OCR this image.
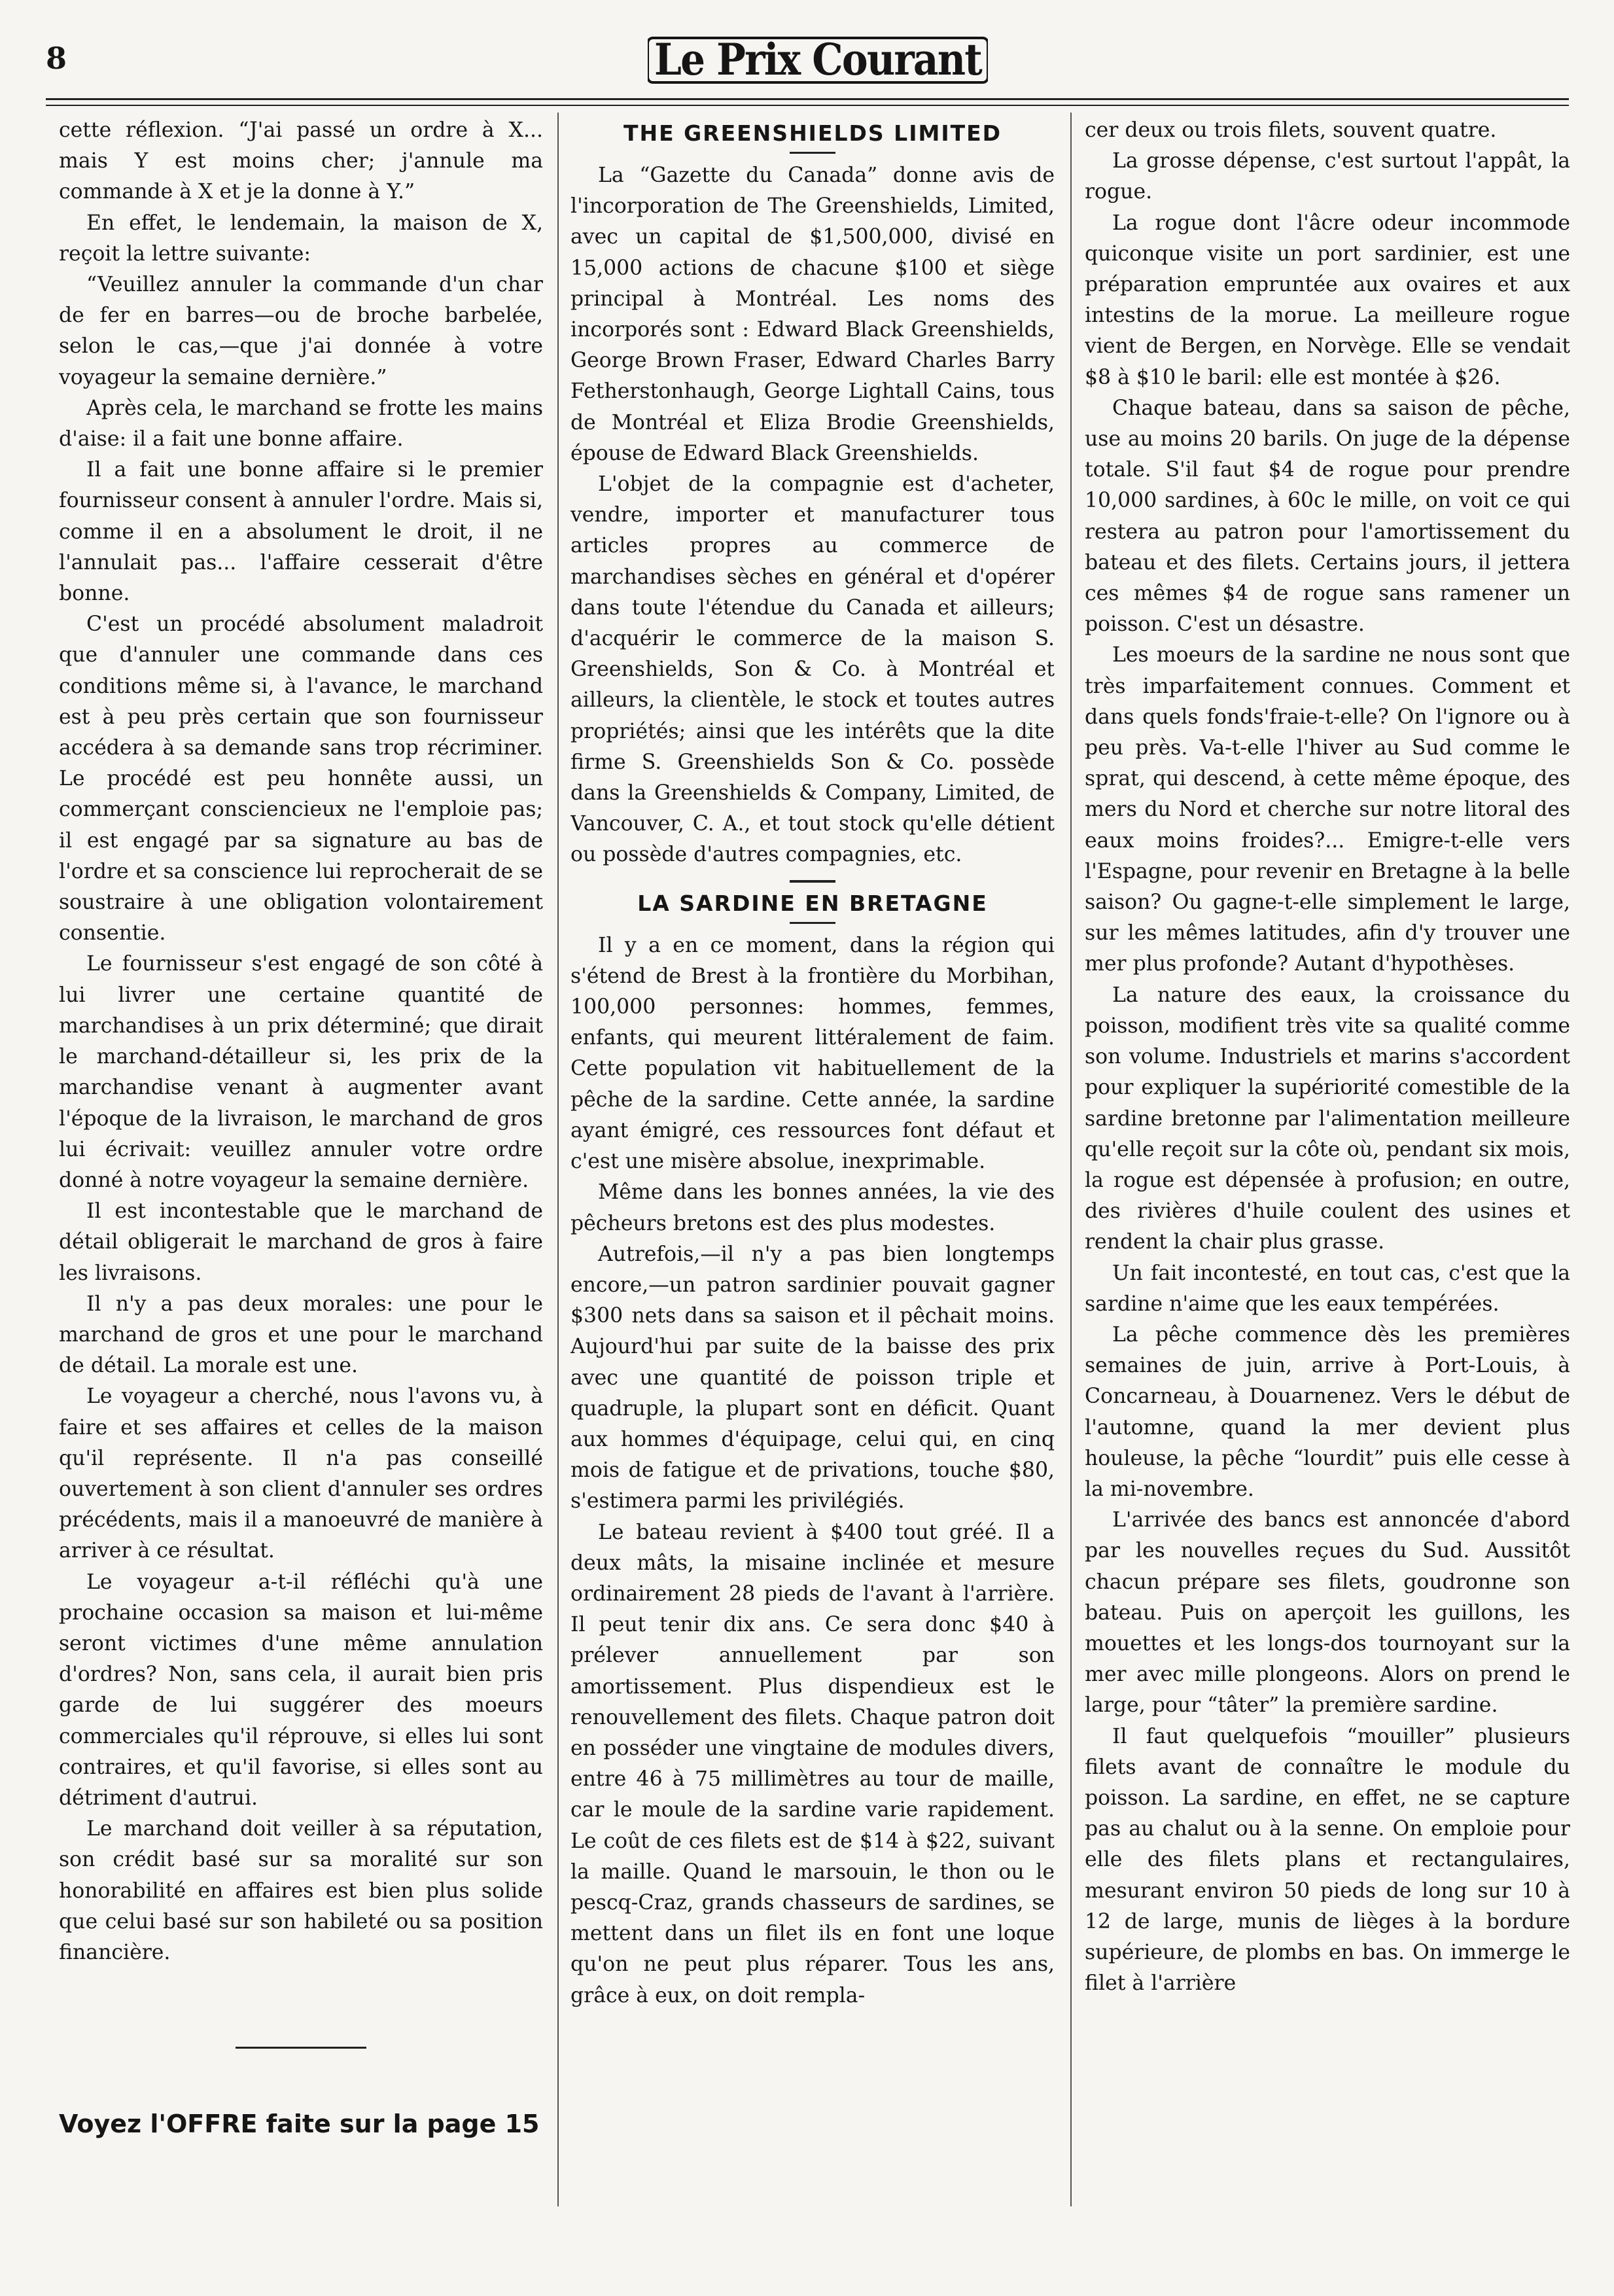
8	Le Prix Courant

cette réflexion. “J'ai passé un ordre à X... mais Y est moins cher; j'annule ma commande à X et je la donne à Y.”

En effet, le lendemain, la maison de X, reçoit la lettre suivante:

“Veuillez annuler la commande d'un char de fer en barres—ou de broche barbelée, selon le cas,—que j'ai donnée à votre voyageur la semaine dernière.”

Après cela, le marchand se frotte les mains d'aise: il a fait une bonne affaire.

Il a fait une bonne affaire si le premier fournisseur consent à annuler l'ordre. Mais si, comme il en a absolument le droit, il ne l'annulait pas... l'affaire cesserait d'être bonne.

C'est un procédé absolument maladroit que d'annuler une commande dans ces conditions même si, à l'avance, le marchand est à peu près certain que son fournisseur accédera à sa demande sans trop récriminer. Le procédé est peu honnête aussi, un commerçant consciencieux ne l'emploie pas; il est engagé par sa signature au bas de l'ordre et sa conscience lui reprocherait de se soustraire à une obligation volontairement consentie.

Le fournisseur s'est engagé de son côté à lui livrer une certaine quantité de marchandises à un prix déterminé; que dirait le marchand-détailleur si, les prix de la marchandise venant à augmenter avant l'époque de la livraison, le marchand de gros lui écrivait: veuillez annuler votre ordre donné à notre voyageur la semaine dernière.

Il est incontestable que le marchand de détail obligerait le marchand de gros à faire les livraisons.

Il n'y a pas deux morales: une pour le marchand de gros et une pour le marchand de détail. La morale est une.

Le voyageur a cherché, nous l'avons vu, à faire et ses affaires et celles de la maison qu'il représente. Il n'a pas conseillé ouvertement à son client d'annuler ses ordres précédents, mais il a manoeuvré de manière à arriver à ce résultat.

Le voyageur a-t-il réfléchi qu'à une prochaine occasion sa maison et lui-même seront victimes d'une même annulation d'ordres? Non, sans cela, il aurait bien pris garde de lui suggérer des moeurs commerciales qu'il réprouve, si elles lui sont contraires, et qu'il favorise, si elles sont au détriment d'autrui.

Le marchand doit veiller à sa réputation, son crédit basé sur sa moralité sur son honorabilité en affaires est bien plus solide que celui basé sur son habileté ou sa position financière.

Voyez l'OFFRE faite sur la page 15
THE GREENSHIELDS LIMITED

La “Gazette du Canada” donne avis de l'incorporation de The Greenshields, Limited, avec un capital de $1,500,000, divisé en 15,000 actions de chacune $100 et siège principal à Montréal. Les noms des incorporés sont : Edward Black Greenshields, George Brown Fraser, Edward Charles Barry Fetherstonhaugh, George Lightall Cains, tous de Montréal et Eliza Brodie Greenshields, épouse de Edward Black Greenshields.

L'objet de la compagnie est d'acheter, vendre, importer et manufacturer tous articles propres au commerce de marchandises sèches en général et d'opérer dans toute l'étendue du Canada et ailleurs; d'acquérir le commerce de la maison S. Greenshields, Son & Co. à Montréal et ailleurs, la clientèle, le stock et toutes autres propriétés; ainsi que les intérêts que la dite firme S. Greenshields Son & Co. possède dans la Greenshields & Company, Limited, de Vancouver, C. A., et tout stock qu'elle détient ou possède d'autres compagnies, etc.

LA SARDINE EN BRETAGNE

Il y a en ce moment, dans la région qui s'étend de Brest à la frontière du Morbihan, 100,000 personnes: hommes, femmes, enfants, qui meurent littéralement de faim. Cette population vit habituellement de la pêche de la sardine. Cette année, la sardine ayant émigré, ces ressources font défaut et c'est une misère absolue, inexprimable.

Même dans les bonnes années, la vie des pêcheurs bretons est des plus modestes.

Autrefois,—il n'y a pas bien longtemps encore,—un patron sardinier pouvait gagner $300 nets dans sa saison et il pêchait moins. Aujourd'hui par suite de la baisse des prix avec une quantité de poisson triple et quadruple, la plupart sont en déficit. Quant aux hommes d'équipage, celui qui, en cinq mois de fatigue et de privations, touche $80, s'estimera parmi les privilégiés.

Le bateau revient à $400 tout gréé. Il a deux mâts, la misaine inclinée et mesure ordinairement 28 pieds de l'avant à l'arrière. Il peut tenir dix ans. Ce sera donc $40 à prélever annuellement par son amortissement. Plus dispendieux est le renouvellement des filets. Chaque patron doit en posséder une vingtaine de modules divers, entre 46 à 75 millimètres au tour de maille, car le moule de la sardine varie rapidement. Le coût de ces filets est de $14 à $22, suivant la maille. Quand le marsouin, le thon ou le pescq-Craz, grands chasseurs de sardines, se mettent dans un filet ils en font une loque qu'on ne peut plus réparer. Tous les ans, grâce à eux, on doit rempla-

cer deux ou trois filets, souvent quatre.

La grosse dépense, c'est surtout l'appât, la rogue.

La rogue dont l'âcre odeur incommode quiconque visite un port sardinier, est une préparation empruntée aux ovaires et aux intestins de la morue. La meilleure rogue vient de Bergen, en Norvège. Elle se vendait $8 à $10 le baril: elle est montée à $26.

Chaque bateau, dans sa saison de pêche, use au moins 20 barils. On juge de la dépense totale. S'il faut $4 de rogue pour prendre 10,000 sardines, à 60c le mille, on voit ce qui restera au patron pour l'amortissement du bateau et des filets. Certains jours, il jettera ces mêmes $4 de rogue sans ramener un poisson. C'est un désastre.

Les moeurs de la sardine ne nous sont que très imparfaitement connues. Comment et dans quels fonds'fraie-t-elle? On l'ignore ou à peu près. Va-t-elle l'hiver au Sud comme le sprat, qui descend, à cette même époque, des mers du Nord et cherche sur notre litoral des eaux moins froides?... Emigre-t-elle vers l'Espagne, pour revenir en Bretagne à la belle saison? Ou gagne-t-elle simplement le large, sur les mêmes latitudes, afin d'y trouver une mer plus profonde? Autant d'hypothèses.

La nature des eaux, la croissance du poisson, modifient très vite sa qualité comme son volume. Industriels et marins s'accordent pour expliquer la supériorité comestible de la sardine bretonne par l'alimentation meilleure qu'elle reçoit sur la côte où, pendant six mois, la rogue est dépensée à profusion; en outre, des rivières d'huile coulent des usines et rendent la chair plus grasse.

Un fait incontesté, en tout cas, c'est que la sardine n'aime que les eaux tempérées.

La pêche commence dès les premières semaines de juin, arrive à Port-Louis, à Concarneau, à Douarnenez. Vers le début de l'automne, quand la mer devient plus houleuse, la pêche “lourdit” puis elle cesse à la mi-novembre.

L'arrivée des bancs est annoncée d'abord par les nouvelles reçues du Sud. Aussitôt chacun prépare ses filets, goudronne son bateau. Puis on aperçoit les guillons, les mouettes et les longs-dos tournoyant sur la mer avec mille plongeons. Alors on prend le large, pour “tâter” la première sardine.

Il faut quelquefois “mouiller” plusieurs filets avant de connaître le module du poisson. La sardine, en effet, ne se capture pas au chalut ou à la senne. On emploie pour elle des filets plans et rectangulaires, mesurant environ 50 pieds de long sur 10 à 12 de large, munis de lièges à la bordure supérieure, de plombs en bas. On immerge le filet à l'arrière
